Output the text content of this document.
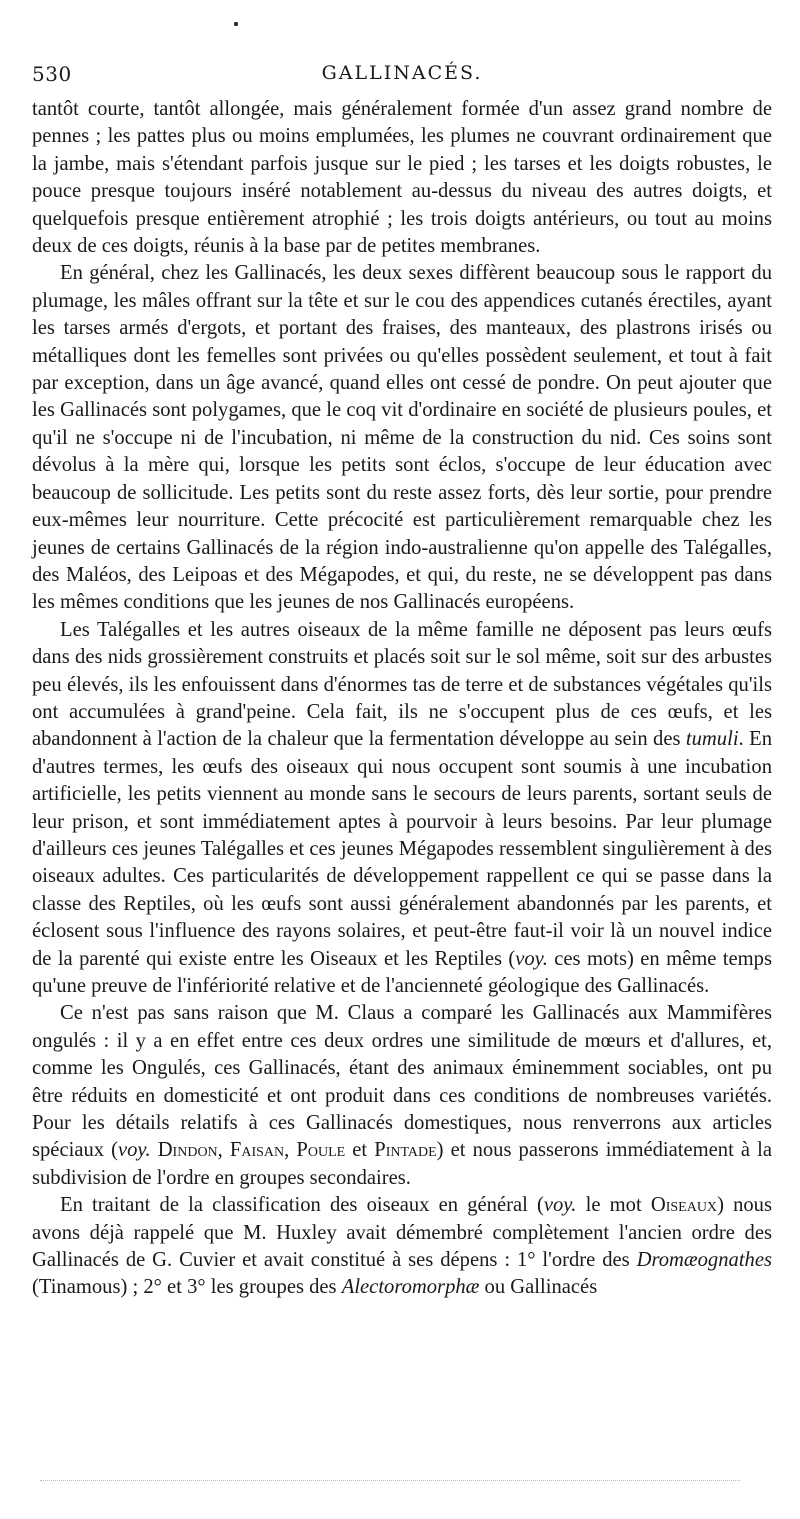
530	GALLINACÉS.

tantôt courte, tantôt allongée, mais généralement formée d'un assez grand nombre de pennes ; les pattes plus ou moins emplumées, les plumes ne couvrant ordinairement que la jambe, mais s'étendant parfois jusque sur le pied ; les tarses et les doigts robustes, le pouce presque toujours inséré notablement au-dessus du niveau des autres doigts, et quelquefois presque entièrement atrophié ; les trois doigts antérieurs, ou tout au moins deux de ces doigts, réunis à la base par de petites membranes.

En général, chez les Gallinacés, les deux sexes diffèrent beaucoup sous le rapport du plumage, les mâles offrant sur la tête et sur le cou des appendices cutanés érectiles, ayant les tarses armés d'ergots, et portant des fraises, des manteaux, des plastrons irisés ou métalliques dont les femelles sont privées ou qu'elles possèdent seulement, et tout à fait par exception, dans un âge avancé, quand elles ont cessé de pondre. On peut ajouter que les Gallinacés sont polygames, que le coq vit d'ordinaire en société de plusieurs poules, et qu'il ne s'occupe ni de l'incubation, ni même de la construction du nid. Ces soins sont dévolus à la mère qui, lorsque les petits sont éclos, s'occupe de leur éducation avec beaucoup de sollicitude. Les petits sont du reste assez forts, dès leur sortie, pour prendre eux-mêmes leur nourriture. Cette précocité est particulièrement remarquable chez les jeunes de certains Gallinacés de la région indo-australienne qu'on appelle des Talégalles, des Maléos, des Leipoas et des Mégapodes, et qui, du reste, ne se développent pas dans les mêmes conditions que les jeunes de nos Gallinacés européens.

Les Talégalles et les autres oiseaux de la même famille ne déposent pas leurs œufs dans des nids grossièrement construits et placés soit sur le sol même, soit sur des arbustes peu élevés, ils les enfouissent dans d'énormes tas de terre et de substances végétales qu'ils ont accumulées à grand'peine. Cela fait, ils ne s'occupent plus de ces œufs, et les abandonnent à l'action de la chaleur que la fermentation développe au sein des tumuli. En d'autres termes, les œufs des oiseaux qui nous occupent sont soumis à une incubation artificielle, les petits viennent au monde sans le secours de leurs parents, sortant seuls de leur prison, et sont immédiatement aptes à pourvoir à leurs besoins. Par leur plumage d'ailleurs ces jeunes Talégalles et ces jeunes Mégapodes ressemblent singulièrement à des oiseaux adultes. Ces particularités de développement rappellent ce qui se passe dans la classe des Reptiles, où les œufs sont aussi généralement abandonnés par les parents, et éclosent sous l'influence des rayons solaires, et peut-être faut-il voir là un nouvel indice de la parenté qui existe entre les Oiseaux et les Reptiles (voy. ces mots) en même temps qu'une preuve de l'infériorité relative et de l'ancienneté géologique des Gallinacés.

Ce n'est pas sans raison que M. Claus a comparé les Gallinacés aux Mammifères ongulés : il y a en effet entre ces deux ordres une similitude de mœurs et d'allures, et, comme les Ongulés, ces Gallinacés, étant des animaux éminemment sociables, ont pu être réduits en domesticité et ont produit dans ces conditions de nombreuses variétés. Pour les détails relatifs à ces Gallinacés domestiques, nous renverrons aux articles spéciaux (voy. Dindon, Faisan, Poule et Pintade) et nous passerons immédiatement à la subdivision de l'ordre en groupes secondaires.

En traitant de la classification des oiseaux en général (voy. le mot Oiseaux) nous avons déjà rappelé que M. Huxley avait démembré complètement l'ancien ordre des Gallinacés de G. Cuvier et avait constitué à ses dépens : 1° l'ordre des Dromæognathes (Tinamous) ; 2° et 3° les groupes des Alectoromorphæ ou Gallinacés
